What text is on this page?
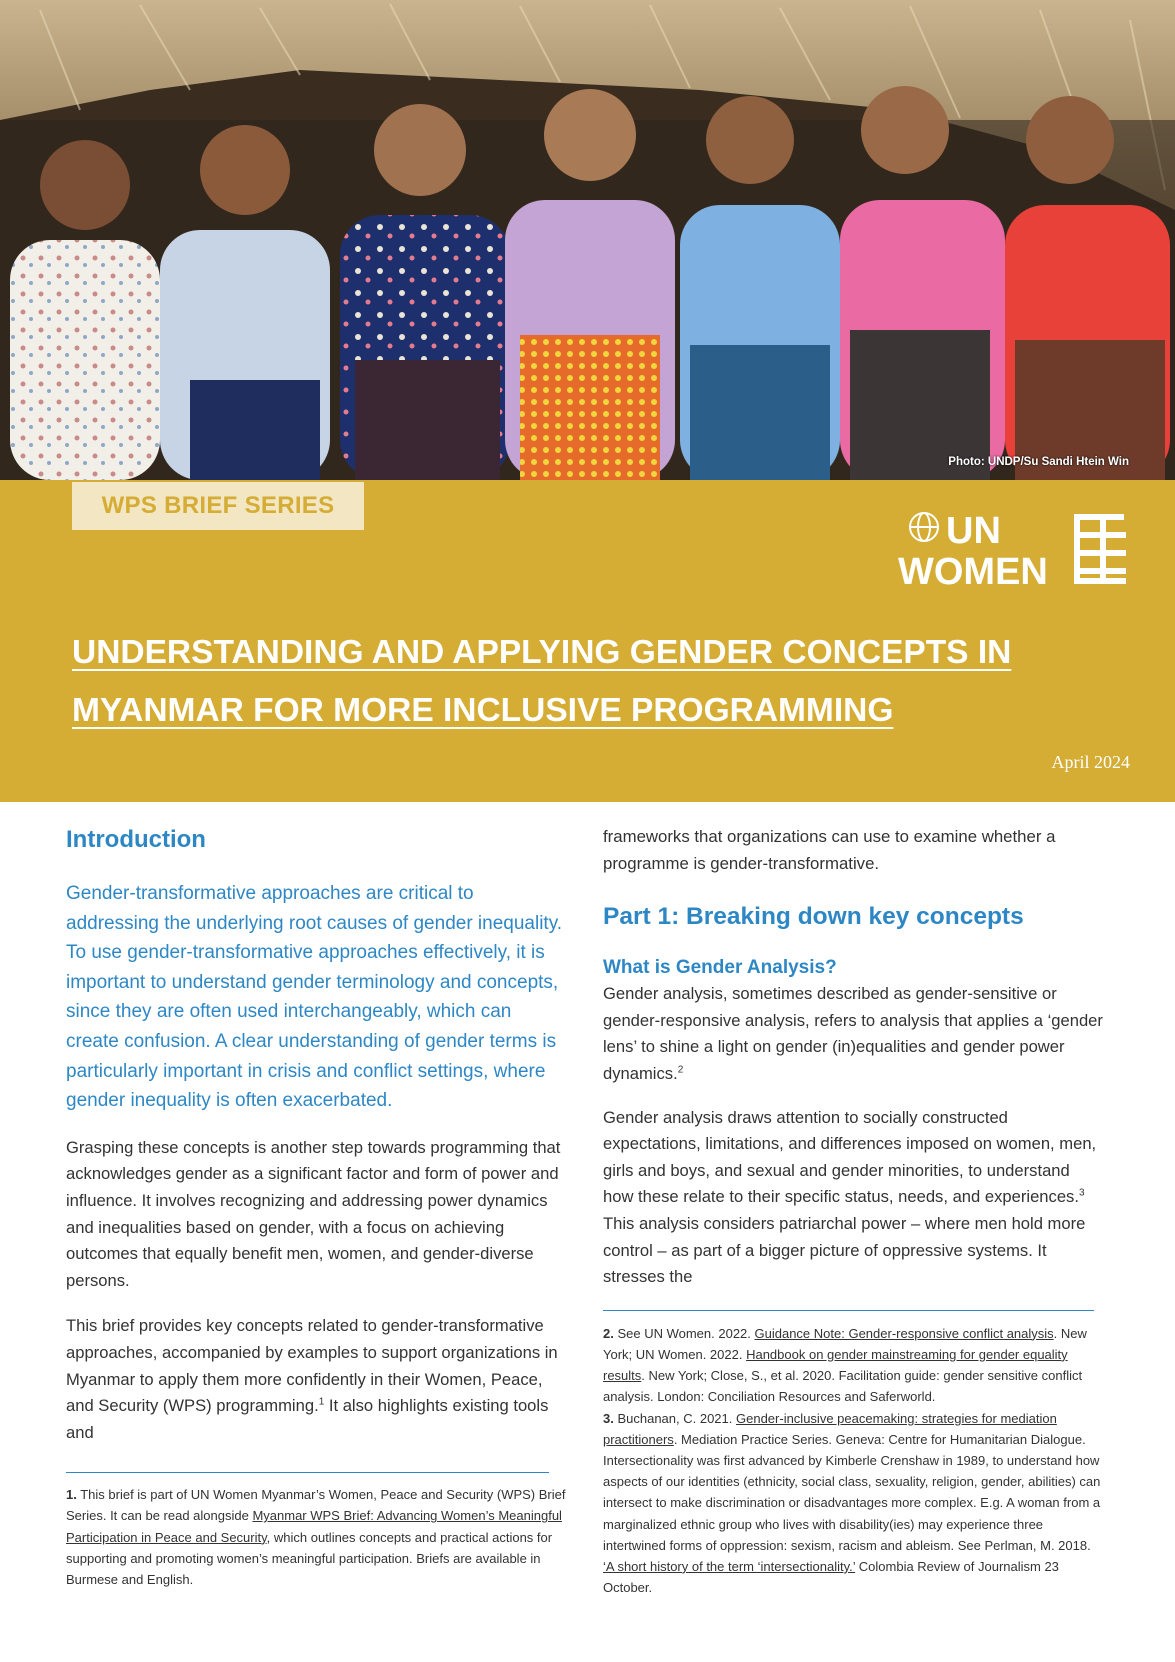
Photo: UNDP/Su Sandi Htein Win
WPS BRIEF SERIES
UN
WOMEN
UNDERSTANDING AND APPLYING GENDER CONCEPTS IN
MYANMAR FOR MORE INCLUSIVE PROGRAMMING
April 2024
Introduction

Gender-transformative approaches are critical to addressing the underlying root causes of gender inequality. To use gender-transformative approaches effectively, it is important to understand gender terminology and concepts, since they are often used interchangeably, which can create confusion. A clear understanding of gender terms is particularly important in crisis and conflict settings, where gender inequality is often exacerbated.

Grasping these concepts is another step towards programming that acknowledges gender as a significant factor and form of power and influence. It involves recognizing and addressing power dynamics and inequalities based on gender, with a focus on achieving outcomes that equally benefit men, women, and gender-diverse persons.

This brief provides key concepts related to gender-transformative approaches, accompanied by examples to support organizations in Myanmar to apply them more confidently in their Women, Peace, and Security (WPS) programming.$^1$ It also highlights existing tools and

1. This brief is part of UN Women Myanmar’s Women, Peace and Security (WPS) Brief Series. It can be read alongside Myanmar WPS Brief: Advancing Women’s Meaningful Participation in Peace and Security, which outlines concepts and practical actions for supporting and promoting women’s meaningful participation. Briefs are available in Burmese and English.

frameworks that organizations can use to examine whether a programme is gender-transformative.

Part 1: Breaking down key concepts
What is Gender Analysis?

Gender analysis, sometimes described as gender-sensitive or gender-responsive analysis, refers to analysis that applies a ‘gender lens’ to shine a light on gender (in)equalities and gender power dynamics.$^2$

Gender analysis draws attention to socially constructed expectations, limitations, and differences imposed on women, men, girls and boys, and sexual and gender minorities, to understand how these relate to their specific status, needs, and experiences.$^3$ This analysis considers patriarchal power – where men hold more control – as part of a bigger picture of oppressive systems. It stresses the

2. See UN Women. 2022. Guidance Note: Gender-responsive conflict analysis. New York; UN Women. 2022. Handbook on gender mainstreaming for gender equality results. New York; Close, S., et al. 2020. Facilitation guide: gender sensitive conflict analysis. London: Conciliation Resources and Saferworld.

3. Buchanan, C. 2021. Gender-inclusive peacemaking: strategies for mediation practitioners. Mediation Practice Series. Geneva: Centre for Humanitarian Dialogue. Intersectionality was first advanced by Kimberle Crenshaw in 1989, to understand how aspects of our identities (ethnicity, social class, sexuality, religion, gender, abilities) can intersect to make discrimination or disadvantages more complex. E.g. A woman from a marginalized ethnic group who lives with disability(ies) may experience three intertwined forms of oppression: sexism, racism and ableism. See Perlman, M. 2018. ‘A short history of the term ‘intersectionality.’ Colombia Review of Journalism 23 October.
